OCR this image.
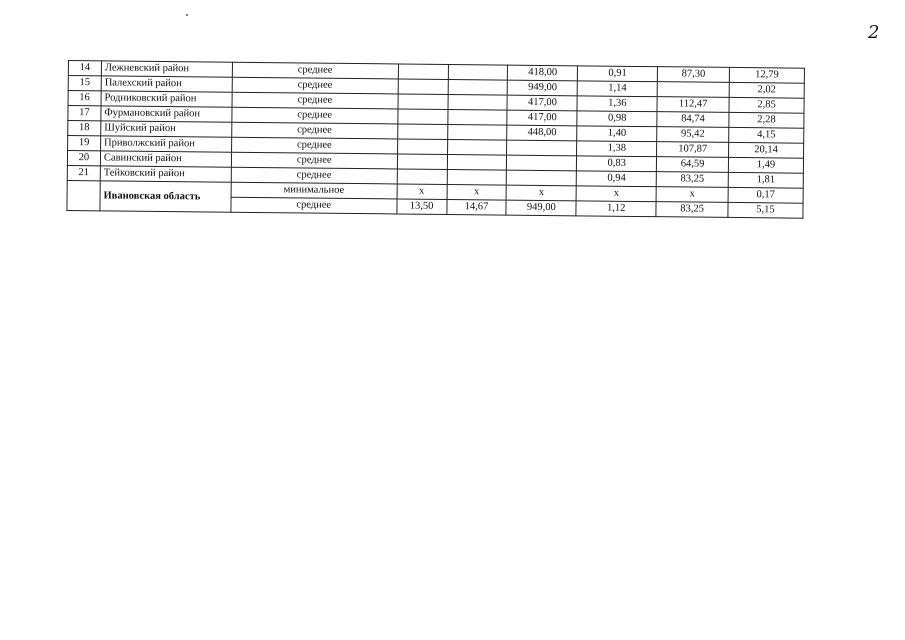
2
14	Лежневский район	среднее			418,00	0,91	87,30	12,79
15	Палехский район	среднее			949,00	1,14		2,02
16	Родниковский район	среднее			417,00	1,36	112,47	2,85
17	Фурмановский район	среднее			417,00	0,98	84,74	2,28
18	Шуйский район	среднее			448,00	1,40	95,42	4,15
19	Приволжский район	среднее				1,38	107,87	20,14
20	Савинский район	среднее				0,83	64,59	1,49
21	Тейковский район	среднее				0,94	83,25	1,81
	Ивановская область	минимальное	x	x	x	x	x	0,17
		среднее	13,50	14,67	949,00	1,12	83,25	5,15
